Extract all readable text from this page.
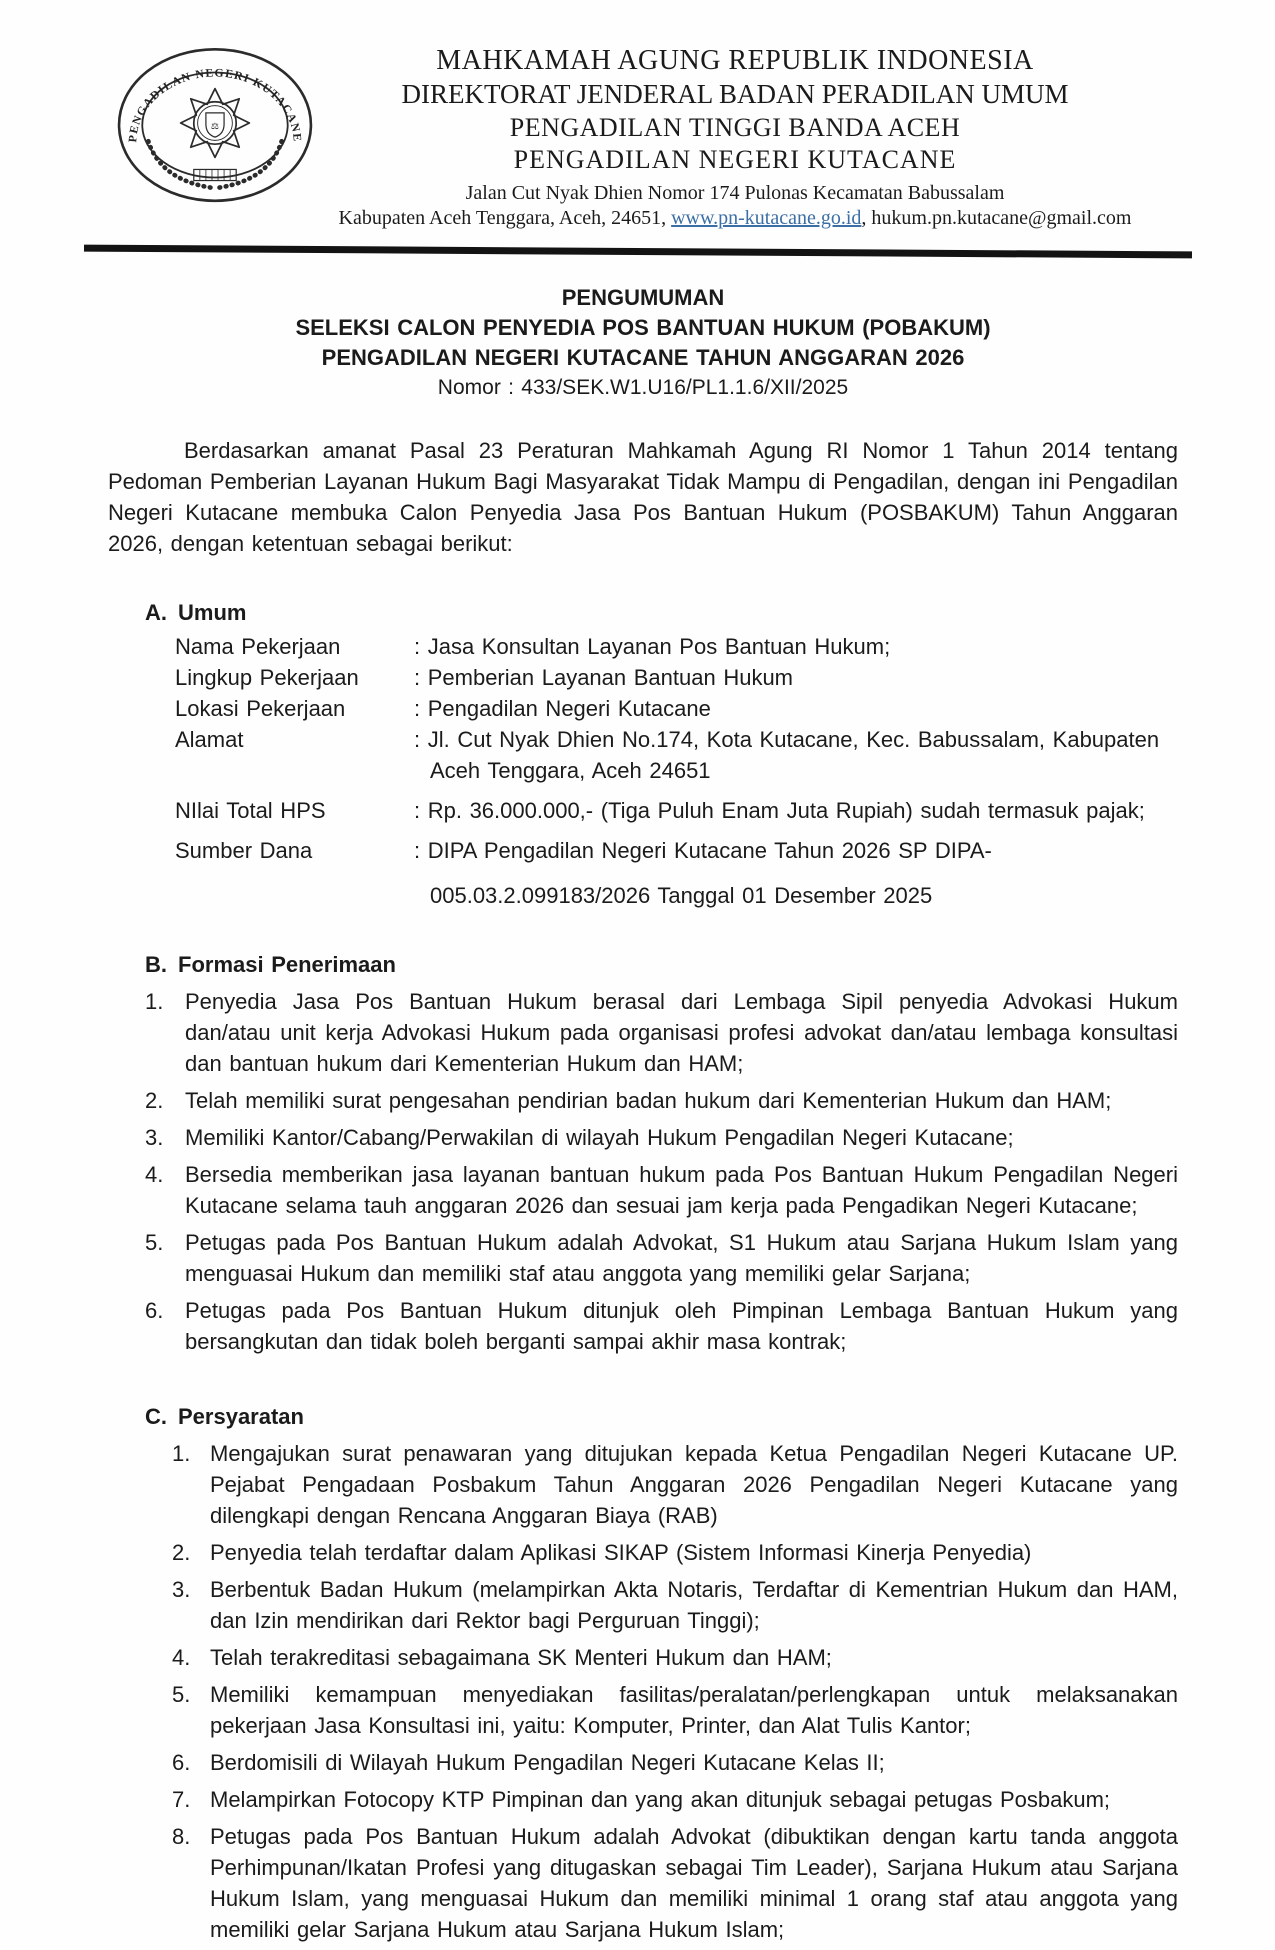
PENGADILAN NEGERI KUTACANE
⚖
MAHKAMAH AGUNG REPUBLIK INDONESIA
DIREKTORAT JENDERAL BADAN PERADILAN UMUM
PENGADILAN TINGGI BANDA ACEH
PENGADILAN NEGERI KUTACANE
Jalan Cut Nyak Dhien Nomor 174 Pulonas Kecamatan Babussalam
Kabupaten Aceh Tenggara, Aceh, 24651, www.pn-kutacane.go.id, hukum.pn.kutacane@gmail.com
PENGUMUMAN
SELEKSI CALON PENYEDIA POS BANTUAN HUKUM (POBAKUM)
PENGADILAN NEGERI KUTACANE TAHUN ANGGARAN 2026
Nomor : 433/SEK.W1.U16/PL1.1.6/XII/2025

Berdasarkan amanat Pasal 23 Peraturan Mahkamah Agung RI Nomor 1 Tahun 2014 tentang Pedoman Pemberian Layanan Hukum Bagi Masyarakat Tidak Mampu di Pengadilan, dengan ini Pengadilan Negeri Kutacane membuka Calon Penyedia Jasa Pos Bantuan Hukum (POSBAKUM) Tahun Anggaran 2026, dengan ketentuan sebagai berikut:

A. Umum
Nama Pekerjaan	: Jasa Konsultan Layanan Pos Bantuan Hukum;
Lingkup Pekerjaan	: Pemberian Layanan Bantuan Hukum
Lokasi Pekerjaan	: Pengadilan Negeri Kutacane
Alamat	: Jl. Cut Nyak Dhien No.174, Kota Kutacane, Kec. Babussalam, Kabupaten
Aceh Tenggara, Aceh 24651
NIlai Total HPS	: Rp. 36.000.000,- (Tiga Puluh Enam Juta Rupiah) sudah termasuk pajak;
Sumber Dana	: DIPA Pengadilan Negeri Kutacane Tahun 2026 SP DIPA-
005.03.2.099183/2026 Tanggal 01 Desember 2025
B. Formasi Penerimaan
1. Penyedia Jasa Pos Bantuan Hukum berasal dari Lembaga Sipil penyedia Advokasi Hukum dan/atau unit kerja Advokasi Hukum pada organisasi profesi advokat dan/atau lembaga konsultasi dan bantuan hukum dari Kementerian Hukum dan HAM;
2. Telah memiliki surat pengesahan pendirian badan hukum dari Kementerian Hukum dan HAM;
3. Memiliki Kantor/Cabang/Perwakilan di wilayah Hukum Pengadilan Negeri Kutacane;
4. Bersedia memberikan jasa layanan bantuan hukum pada Pos Bantuan Hukum Pengadilan Negeri Kutacane selama tauh anggaran 2026 dan sesuai jam kerja pada Pengadikan Negeri Kutacane;
5. Petugas pada Pos Bantuan Hukum adalah Advokat, S1 Hukum atau Sarjana Hukum Islam yang menguasai Hukum dan memiliki staf atau anggota yang memiliki gelar Sarjana;
6. Petugas pada Pos Bantuan Hukum ditunjuk oleh Pimpinan Lembaga Bantuan Hukum yang bersangkutan dan tidak boleh berganti sampai akhir masa kontrak;
C. Persyaratan
1. Mengajukan surat penawaran yang ditujukan kepada Ketua Pengadilan Negeri Kutacane UP. Pejabat Pengadaan Posbakum Tahun Anggaran 2026 Pengadilan Negeri Kutacane yang dilengkapi dengan Rencana Anggaran Biaya (RAB)
2. Penyedia telah terdaftar dalam Aplikasi SIKAP (Sistem Informasi Kinerja Penyedia)
3. Berbentuk Badan Hukum (melampirkan Akta Notaris, Terdaftar di Kementrian Hukum dan HAM, dan Izin mendirikan dari Rektor bagi Perguruan Tinggi);
4. Telah terakreditasi sebagaimana SK Menteri Hukum dan HAM;
5. Memiliki kemampuan menyediakan fasilitas/peralatan/perlengkapan untuk melaksanakan pekerjaan Jasa Konsultasi ini, yaitu: Komputer, Printer, dan Alat Tulis Kantor;
6. Berdomisili di Wilayah Hukum Pengadilan Negeri Kutacane Kelas II;
7. Melampirkan Fotocopy KTP Pimpinan dan yang akan ditunjuk sebagai petugas Posbakum;
8. Petugas pada Pos Bantuan Hukum adalah Advokat (dibuktikan dengan kartu tanda anggota Perhimpunan/Ikatan Profesi yang ditugaskan sebagai Tim Leader), Sarjana Hukum atau Sarjana Hukum Islam, yang menguasai Hukum dan memiliki minimal 1 orang staf atau anggota yang memiliki gelar Sarjana Hukum atau Sarjana Hukum Islam;
